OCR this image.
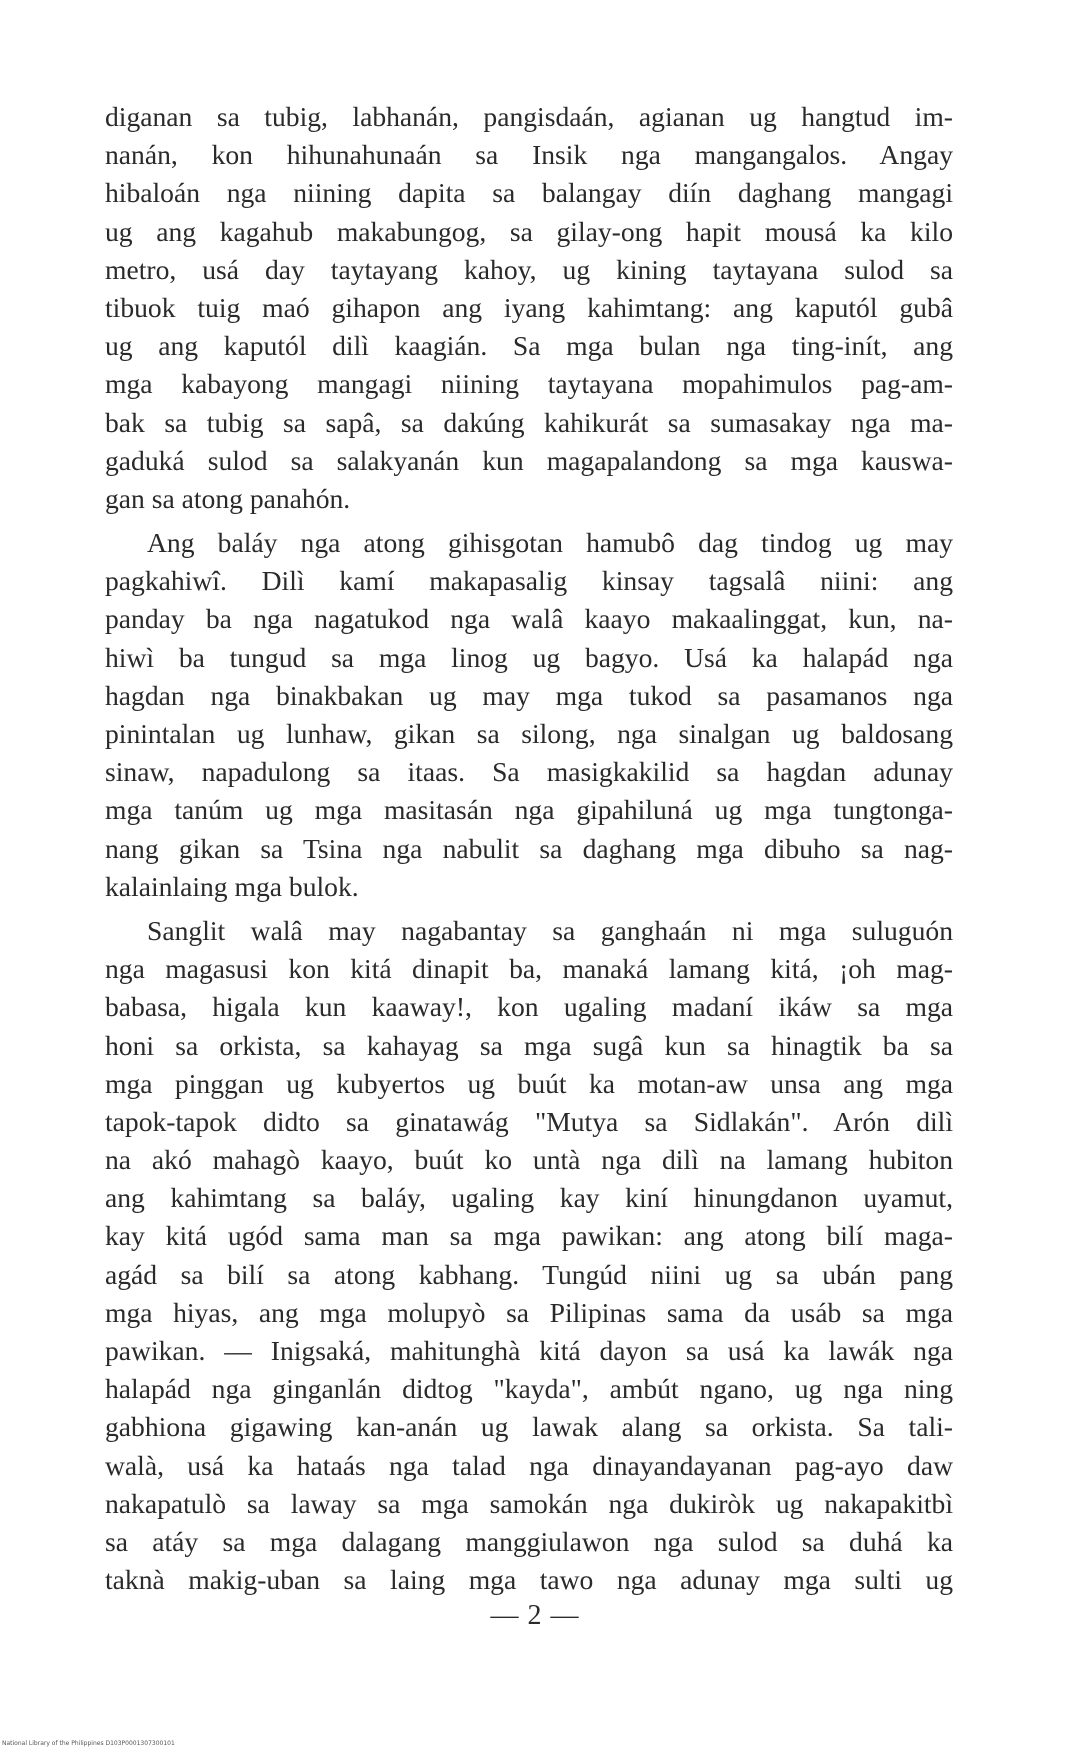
diganan sa tubig, labhanán, pangisdaán, agianan ug hangtud im-
nanán, kon hihunahunaán sa Insik nga mangangalos. Angay
hibaloán nga niining dapita sa balangay diín daghang mangagi
ug ang kagahub makabungog, sa gilay-ong hapit mousá ka kilo
metro, usá day taytayang kahoy, ug kining taytayana sulod sa
tibuok tuig maó gihapon ang iyang kahimtang: ang kaputól gubâ
ug ang kaputól dilì kaagián. Sa mga bulan nga ting-inít, ang
mga kabayong mangagi niining taytayana mopahimulos pag-am-
bak sa tubig sa sapâ, sa dakúng kahikurát sa sumasakay nga ma-
gaduká sulod sa salakyanán kun magapalandong sa mga kauswa-
gan sa atong panahón.
Ang baláy nga atong gihisgotan hamubô dag tindog ug may
pagkahiwî. Dilì kamí makapasalig kinsay tagsalâ niini: ang
panday ba nga nagatukod nga walâ kaayo makaalinggat, kun, na-
hiwì ba tungud sa mga linog ug bagyo. Usá ka halapád nga
hagdan nga binakbakan ug may mga tukod sa pasamanos nga
pinintalan ug lunhaw, gikan sa silong, nga sinalgan ug baldosang
sinaw, napadulong sa itaas. Sa masigkakilid sa hagdan adunay
mga tanúm ug mga masitasán nga gipahiluná ug mga tungtonga-
nang gikan sa Tsina nga nabulit sa daghang mga dibuho sa nag-
kalainlaing mga bulok.
Sanglit walâ may nagabantay sa ganghaán ni mga suluguón
nga magasusi kon kitá dinapit ba, manaká lamang kitá, ¡oh mag-
babasa, higala kun kaaway!, kon ugaling madaní ikáw sa mga
honi sa orkista, sa kahayag sa mga sugâ kun sa hinagtik ba sa
mga pinggan ug kubyertos ug buút ka motan-aw unsa ang mga
tapok-tapok didto sa ginatawág "Mutya sa Sidlakán". Arón dilì
na akó mahagò kaayo, buút ko untà nga dilì na lamang hubiton
ang kahimtang sa baláy, ugaling kay kiní hinungdanon uyamut,
kay kitá ugód sama man sa mga pawikan: ang atong bilí maga-
agád sa bilí sa atong kabhang. Tungúd niini ug sa ubán pang
mga hiyas, ang mga molupyò sa Pilipinas sama da usáb sa mga
pawikan. — Inigsaká, mahitunghà kitá dayon sa usá ka lawák nga
halapád nga ginganlán didtog "kayda", ambút ngano, ug nga ning
gabhiona gigawing kan-anán ug lawak alang sa orkista. Sa tali-
walà, usá ka hataás nga talad nga dinayandayanan pag-ayo daw
nakapatulò sa laway sa mga samokán nga dukiròk ug nakapakitbì
sa atáy sa mga dalagang manggiulawon nga sulod sa duhá ka
taknà makig-uban sa laing mga tawo nga adunay mga sulti ug
— 2 —
National Library of the Philippines D103P0001307300101
